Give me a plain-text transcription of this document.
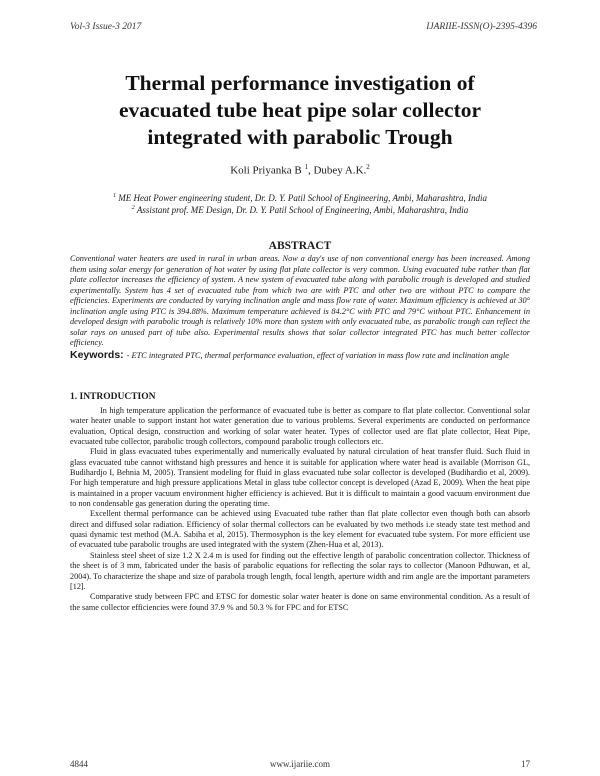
Vol-3 Issue-3 2017	IJARIIE-ISSN(O)-2395-4396
Thermal performance investigation of
evacuated tube heat pipe solar collector
integrated with parabolic Trough
Koli Priyanka B $^1$, Dubey A.K.$^2$
$^1$ ME Heat Power engineering student, Dr. D. Y. Patil School of Engineering, Ambi, Maharashtra, India
$^2$ Assistant prof. ME Design, Dr. D. Y. Patil School of Engineering, Ambi, Maharashtra, India
ABSTRACT

Conventional water heaters are used in rural in urban areas. Now a day's use of non conventional energy has been increased. Among them using solar energy for generation of hot water by using flat plate collector is very common. Using evacuated tube rather than flat plate collector increases the efficiency of system. A new system of evacuated tube along with parabolic trough is developed and studied experimentally. System has 4 set of evacuated tube from which two are with PTC and other two are without PTC to compare the efficiencies. Experiments are conducted by varying inclination angle and mass flow rate of water. Maximum efficiency is achieved at 30° inclination angle using PTC is 394.88%. Maximum temperature achieved is 84.2°C with PTC and 79°C without PTC. Enhancement in developed design with parabolic trough is relatively 10% more than system with only evacuated tube, as parabolic trough can reflect the solar rays on unused part of tube also. Experimental results shows that solar collector integrated PTC has much better collector efficiency.

Keywords: - ETC integrated PTC, thermal performance evaluation, effect of variation in mass flow rate and inclination angle

1. INTRODUCTION

In high temperature application the performance of evacuated tube is better as compare to flat plate collector. Conventional solar water heater unable to support instant hot water generation due to various problems. Several experiments are conducted on performance evaluation, Optical design, construction and working of solar water heater. Types of collector used are flat plate collector, Heat Pipe, evacuated tube collector, parabolic trough collectors, compound parabolic trough collectors etc.

Fluid in glass evacuated tubes experimentally and numerically evaluated by natural circulation of heat transfer fluid. Such fluid in glass evacuated tube cannot withstand high pressures and hence it is suitable for application where water head is available (Morrison GL, Budihardjo I, Behnia M, 2005). Transient modeling for fluid in glass evacuated tube solar collector is developed (Budihardio et al, 2009). For high temperature and high pressure applications Metal in glass tube collector concept is developed (Azad E, 2009). When the heat pipe is maintained in a proper vacuum environment higher efficiency is achieved. But it is difficult to maintain a good vacuum environment due to non condensable gas generation during the operating time.

Excellent thermal performance can be achieved using Evacuated tube rather than flat plate collector even though both can absorb direct and diffused solar radiation. Efficiency of solar thermal collectors can be evaluated by two methods i.e steady state test method and quasi dynamic test method (M.A. Sabiha et al, 2015). Thermosyphon is the key element for evacuated tube system. For more efficient use of evacuated tube parabolic troughs are used integrated with the system (Zhen-Hua et al, 2013).

Stainless steel sheet of size 1.2 X 2.4 m is used for finding out the effective length of parabolic concentration collector. Thickness of the sheet is of 3 mm, fabricated under the basis of parabolic equations for reflecting the solar rays to collector (Manoon Pdhuwan, et al, 2004). To characterize the shape and size of parabola trough length, focal length, aperture width and rim angle are the important parameters [12].

Comparative study between FPC and ETSC for domestic solar water heater is done on same environmental condition. As a result of the same collector efficiencies were found 37.9 % and 50.3 % for FPC and for ETSC

4844	www.ijariie.com	17
